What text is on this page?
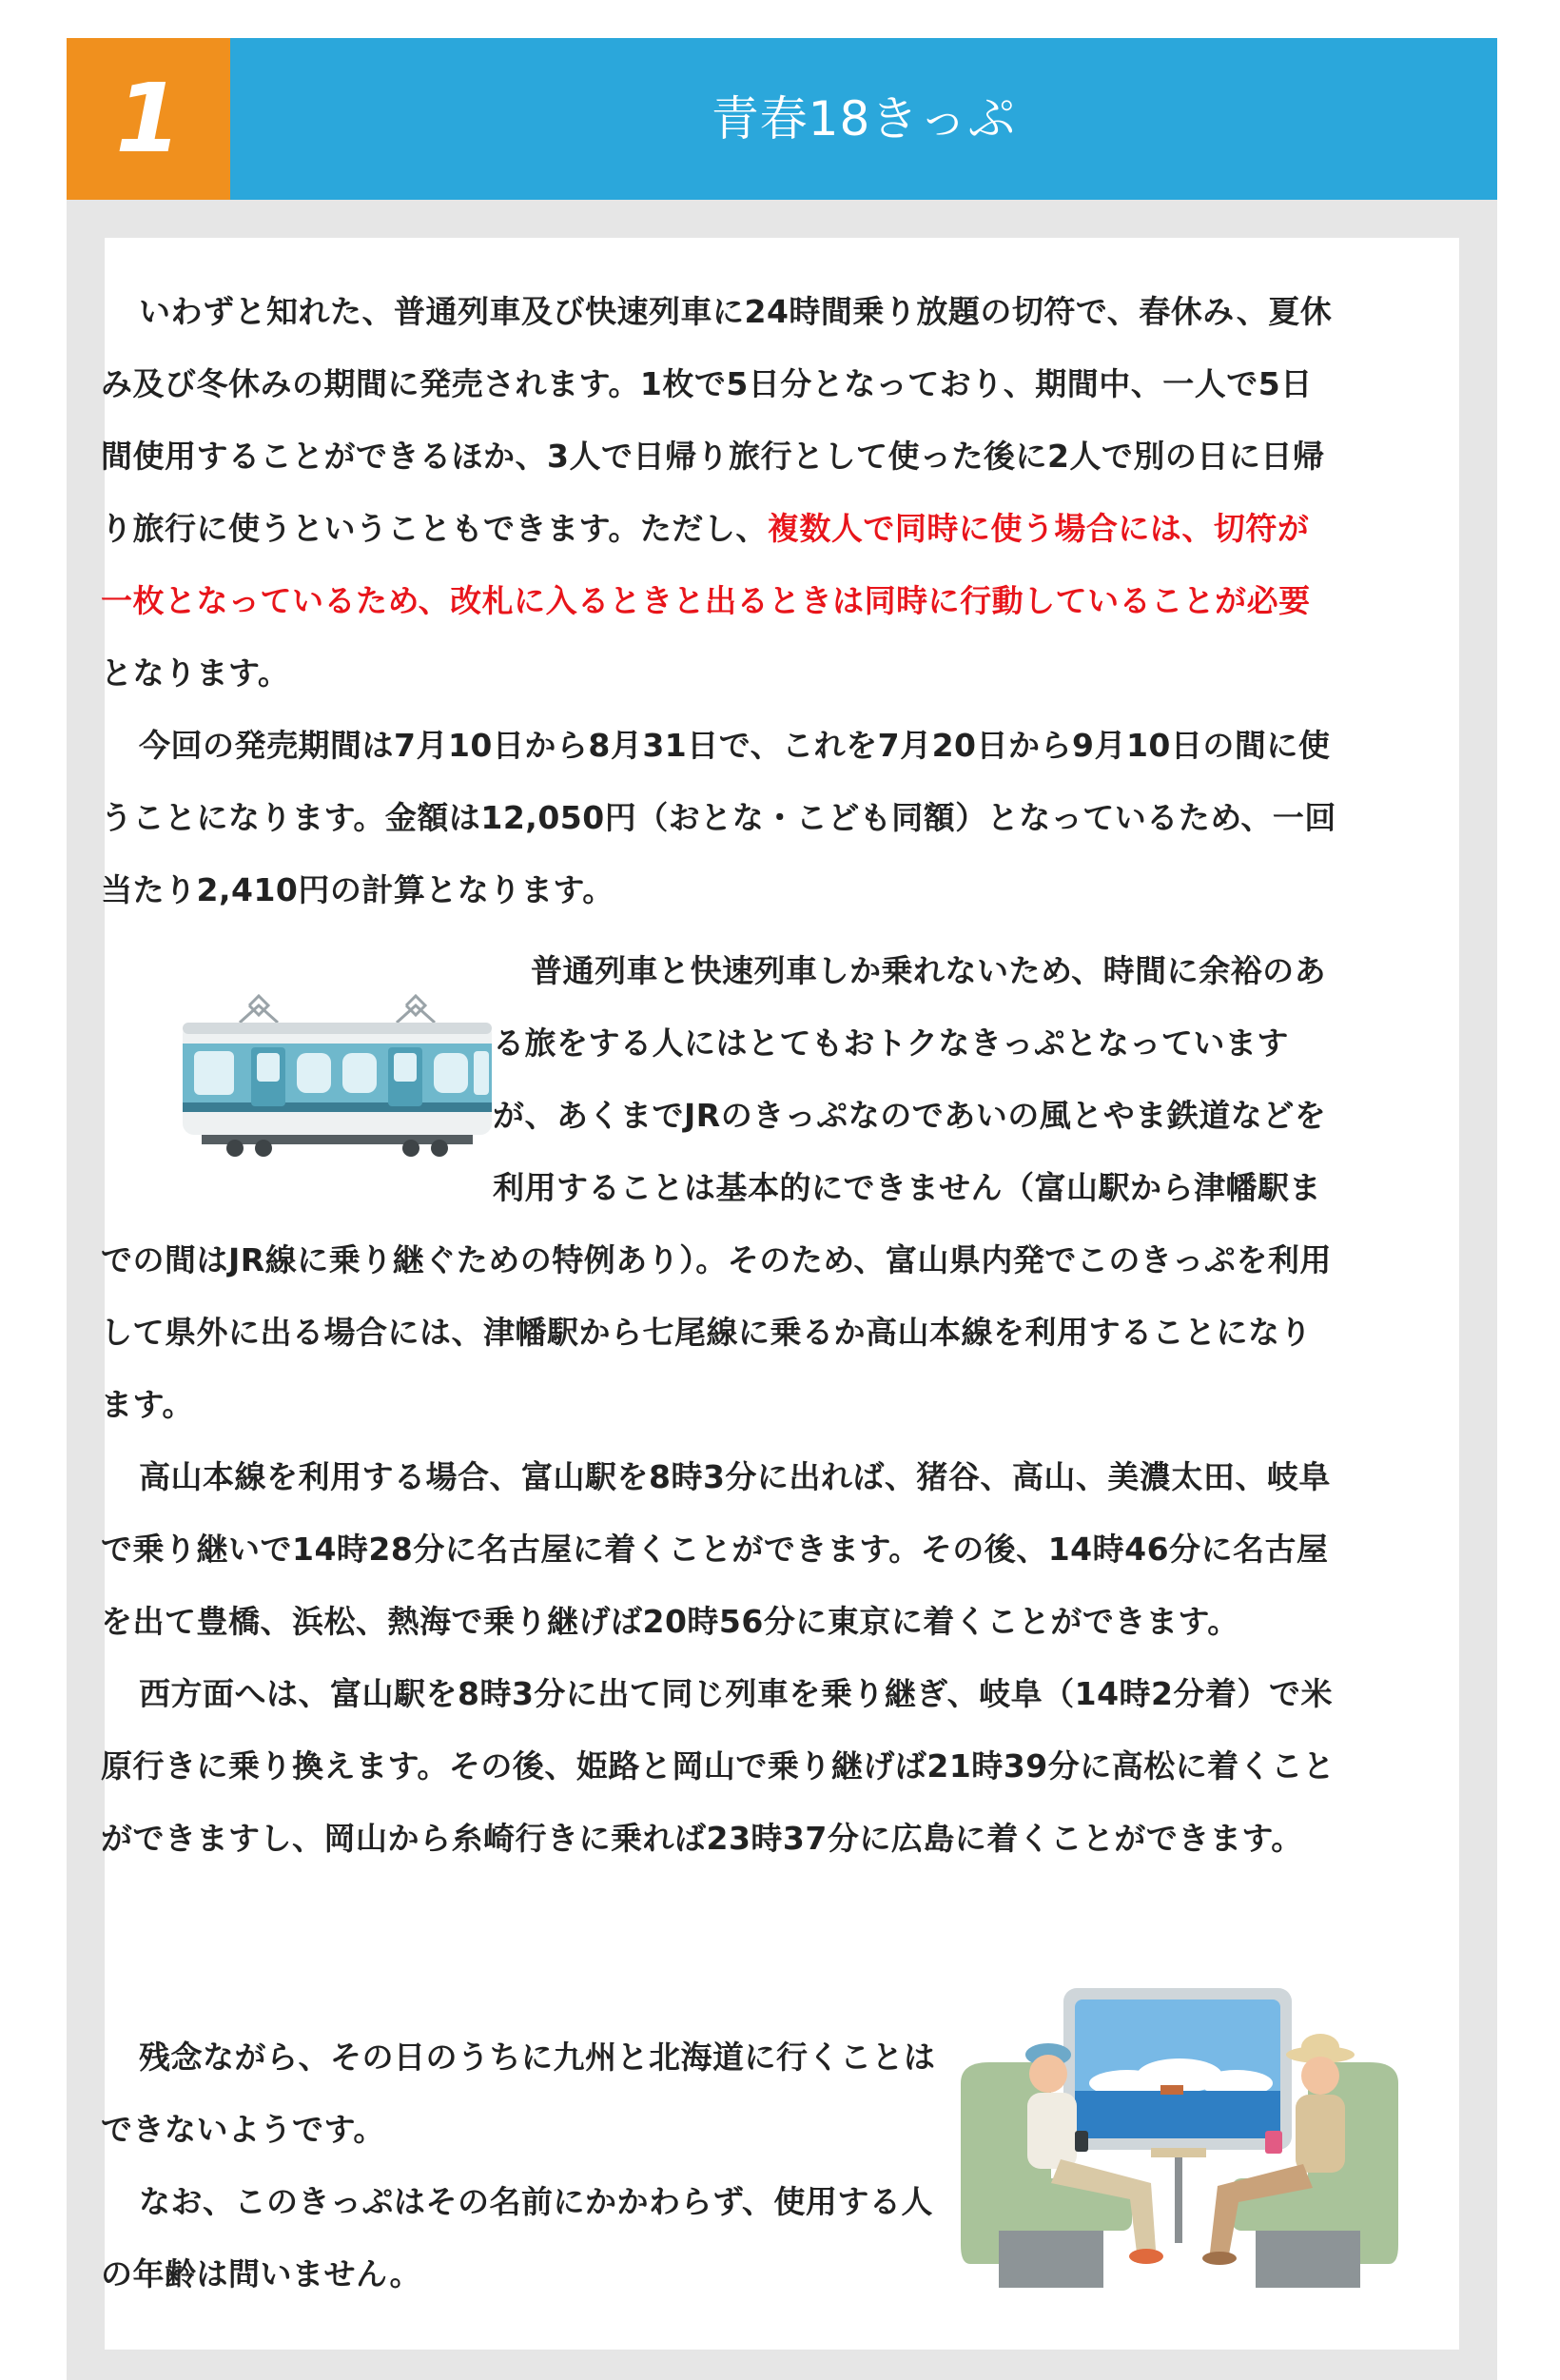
1	青春18きっぷ

いわずと知れた、普通列車及び快速列車に24時間乗り放題の切符で、春休み、夏休み及び冬休みの期間に発売されます。1枚で5日分となっており、期間中、一人で5日間使用することができるほか、3人で日帰り旅行として使った後に2人で別の日に日帰り旅行に使うということもできます。ただし、複数人で同時に使う場合には、切符が一枚となっているため、改札に入るときと出るときは同時に行動していることが必要となります。

今回の発売期間は7月10日から8月31日で、これを7月20日から9月10日の間に使うことになります。金額は12,050円（おとな・こども同額）となっているため、一回当たり2,410円の計算となります。

普通列車と快速列車しか乗れないため、時間に余裕のある旅をする人にはとてもおトクなきっぷとなっていますが、あくまでJRのきっぷなのであいの風とやま鉄道などを利用することは基本的にできません（富山駅から津幡駅までの間はJR線に乗り継ぐための特例あり）。そのため、富山県内発でこのきっぷを利用して県外に出る場合には、津幡駅から七尾線に乗るか高山本線を利用することになります。

高山本線を利用する場合、富山駅を8時3分に出れば、猪谷、高山、美濃太田、岐阜で乗り継いで14時28分に名古屋に着くことができます。その後、14時46分に名古屋を出て豊橋、浜松、熱海で乗り継げば20時56分に東京に着くことができます。

西方面へは、富山駅を8時3分に出て同じ列車を乗り継ぎ、岐阜（14時2分着）で米原行きに乗り換えます。その後、姫路と岡山で乗り継げば21時39分に高松に着くことができますし、岡山から糸崎行きに乗れば23時37分に広島に着くことができます。

残念ながら、その日のうちに九州と北海道に行くことはできないようです。

なお、このきっぷはその名前にかかわらず、使用する人の年齢は問いません。
